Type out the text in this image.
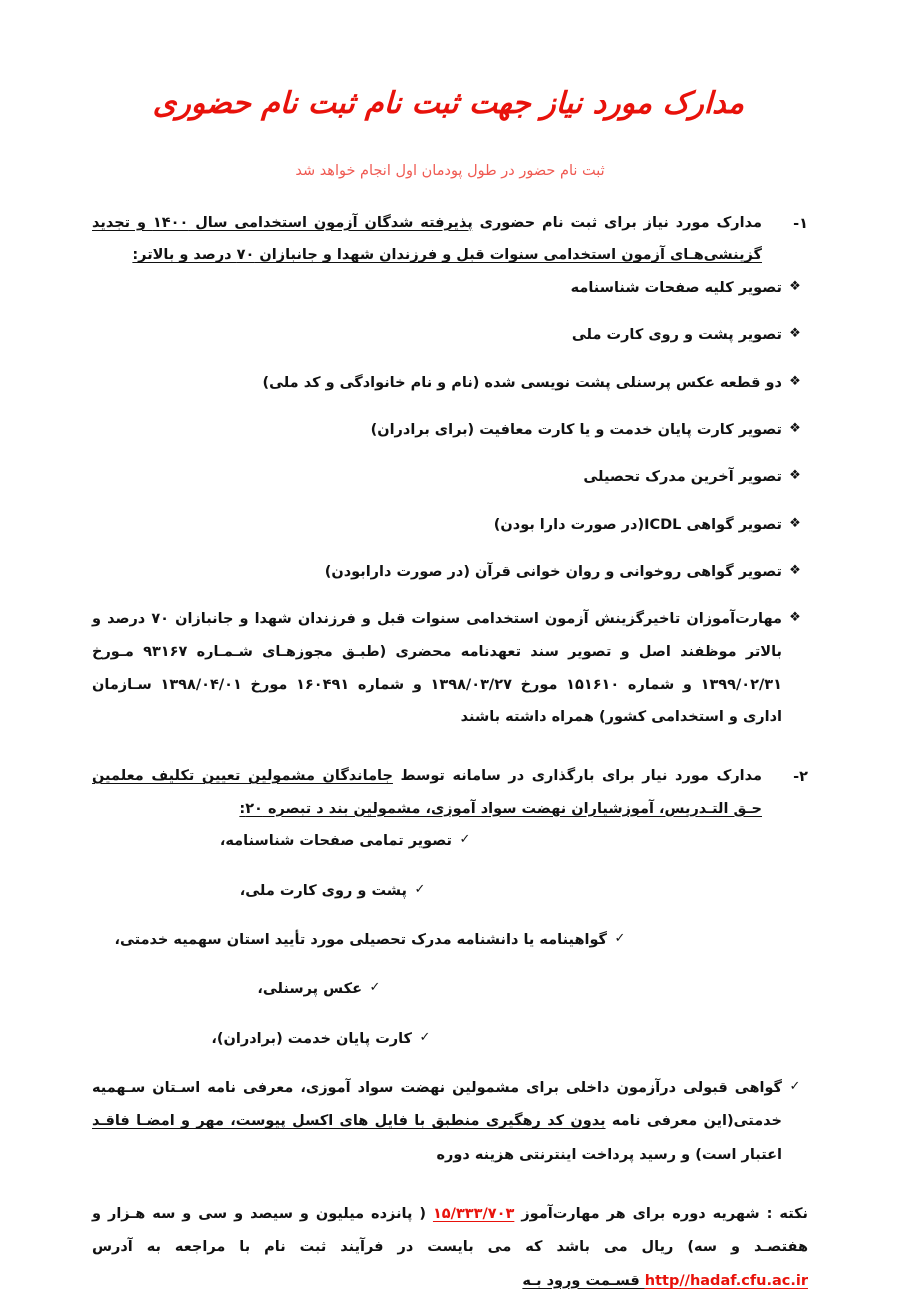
مدارک مورد نیاز جهت ثبت نام ثبت نام حضوری

ثبت نام حضور در طول پودمان اول انجام خواهد شد

۱-
مدارک مورد نیاز برای ثبت نام حضوری پذیرفته شدگان آزمون استخدامی سال ۱۴۰۰ و تجدید گزینشی‌هـای آزمون استخدامی سنوات قبل و فرزندان شهدا و جانبازان ۷۰ درصد و بالاتر:
❖
تصویر کلیه صفحات شناسنامه
❖
تصویر پشت و روی کارت ملی
❖
دو قطعه عکس پرسنلی پشت نویسی شده (نام و نام خانوادگی و کد ملی)
❖
تصویر کارت پایان خدمت و یا کارت معافیت (برای برادران)
❖
تصویر آخرین مدرک تحصیلی
❖
تصویر گواهی ICDL(در صورت دارا بودن)
❖
تصویر گواهی روخوانی و روان خوانی قرآن (در صورت دارابودن)
❖
مهارت‌آموزان تاخیرگزینش آزمون استخدامی سنوات قبل و فرزندان شهدا و جانبازان ۷۰ درصد و بالاتر موظفند اصل و تصویر سند تعهدنامه محضری (طبـق مجوزهـای شـمـاره ۹۳۱۶۷ مـورخ ۱۳۹۹/۰۲/۳۱ و شماره ۱۵۱۶۱۰ مورخ ۱۳۹۸/۰۳/۲۷ و شماره ۱۶۰۴۹۱ مورخ ۱۳۹۸/۰۴/۰۱ سـازمان اداری و استخدامی کشور) همراه داشته باشند
۲-
مدارک مورد نیار برای بارگذاری در سامانه توسط جاماندگان مشمولین تعیین تکلیف معلمین حـق التـدریس، آموزشیاران نهضت سواد آموزی، مشمولین بند د تبصره ۲۰:
✓
تصویر تمامی صفحات شناسنامه،
✓
پشت و روی کارت ملی،
✓
گواهینامه یا دانشنامه مدرک تحصیلی مورد تأیید استان سهمیه خدمتی،
✓
عکس پرسنلی،
✓
کارت پایان خدمت (برادران)،
✓
گواهی قبولی درآزمون داخلی برای مشمولین نهضت سواد آموزی، معرفی نامه اسـتان سـهمیه خدمتی(این معرفی نامه بدون کد رهگیری منطبق با فایل های اکسل پیوست، مهر و امضـا فاقـد اعتبار است) و رسید پرداخت اینترنتی هزینه دوره

نکته : شهریه دوره برای هر مهارت‌آموز ۱۵/۳۳۳/۷۰۳ ( پانزده میلیون و سیصد و سی و سه هـزار و هفتصـد و سه) ریال می باشد که می بایست در فرآیند ثبت نام با مراجعه به آدرس http//hadaf.cfu.ac.ir قسـمت ورود بـه
